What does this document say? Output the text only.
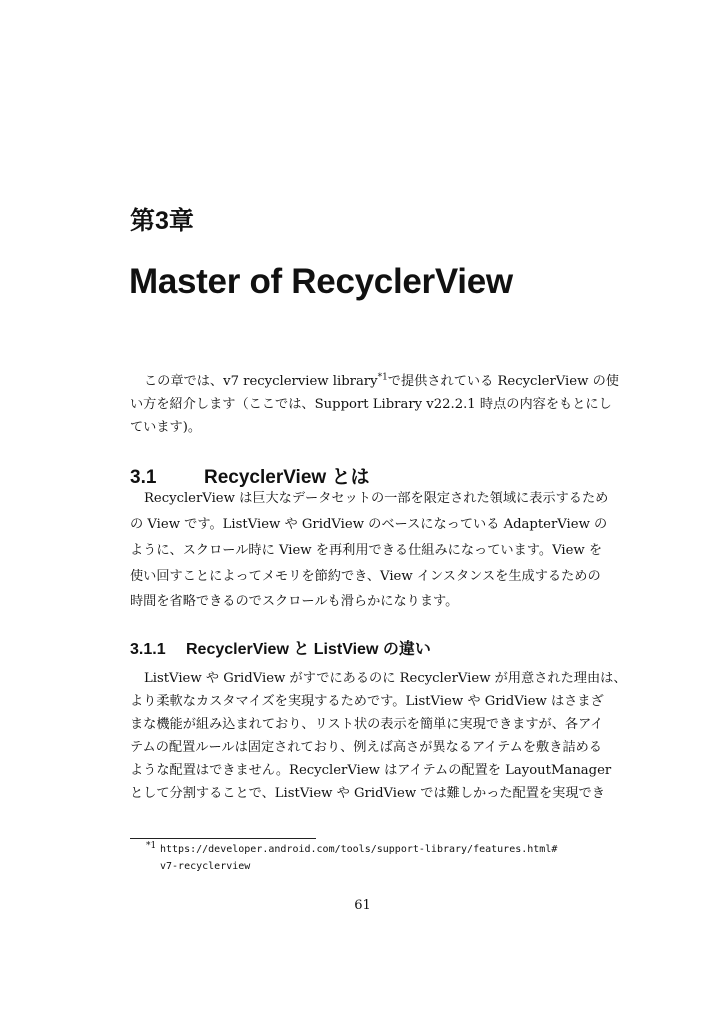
第3章
Master of RecyclerView
この章では、v7 recyclerview library$^{*1}$で提供されている RecyclerView の使
い方を紹介します（ここでは、Support Library v22.2.1 時点の内容をもとにし
ています)。
3.1	RecyclerView とは
RecyclerView は巨大なデータセットの一部を限定された領域に表示するため
の View です。ListView や GridView のベースになっている AdapterView の
ように、スクロール時に View を再利用できる仕組みになっています。View を
使い回すことによってメモリを節約でき、View インスタンスを生成するための
時間を省略できるのでスクロールも滑らかになります。
3.1.1 RecyclerView と ListView の違い
ListView や GridView がすでにあるのに RecyclerView が用意された理由は、
より柔軟なカスタマイズを実現するためです。ListView や GridView はさまざ
まな機能が組み込まれており、リスト状の表示を簡単に実現できますが、各アイ
テムの配置ルールは固定されており、例えば高さが異なるアイテムを敷き詰める
ような配置はできません。RecyclerView はアイテムの配置を LayoutManager
として分割することで、ListView や GridView では難しかった配置を実現でき
*1 https://developer.android.com/tools/support-library/features.html#
v7-recyclerview
61
